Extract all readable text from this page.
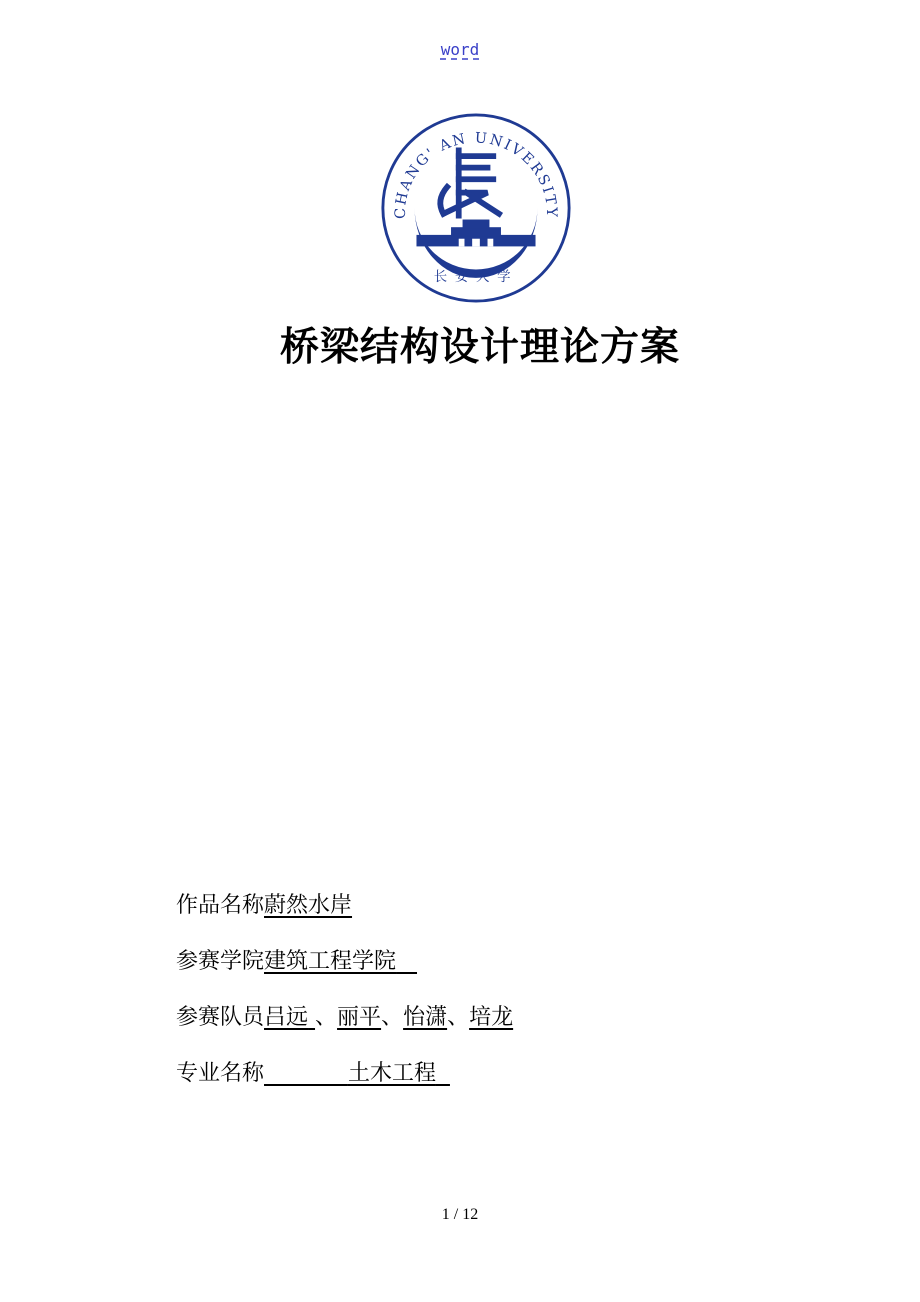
word
CHANG' AN UNIVERSITY
长安大学
桥梁结构设计理论方案
作品名称蔚然水岸
参赛学院建筑工程学院
参赛队员吕远 、丽平、怡潇、培龙
专业名称	土木工程
1 / 12
